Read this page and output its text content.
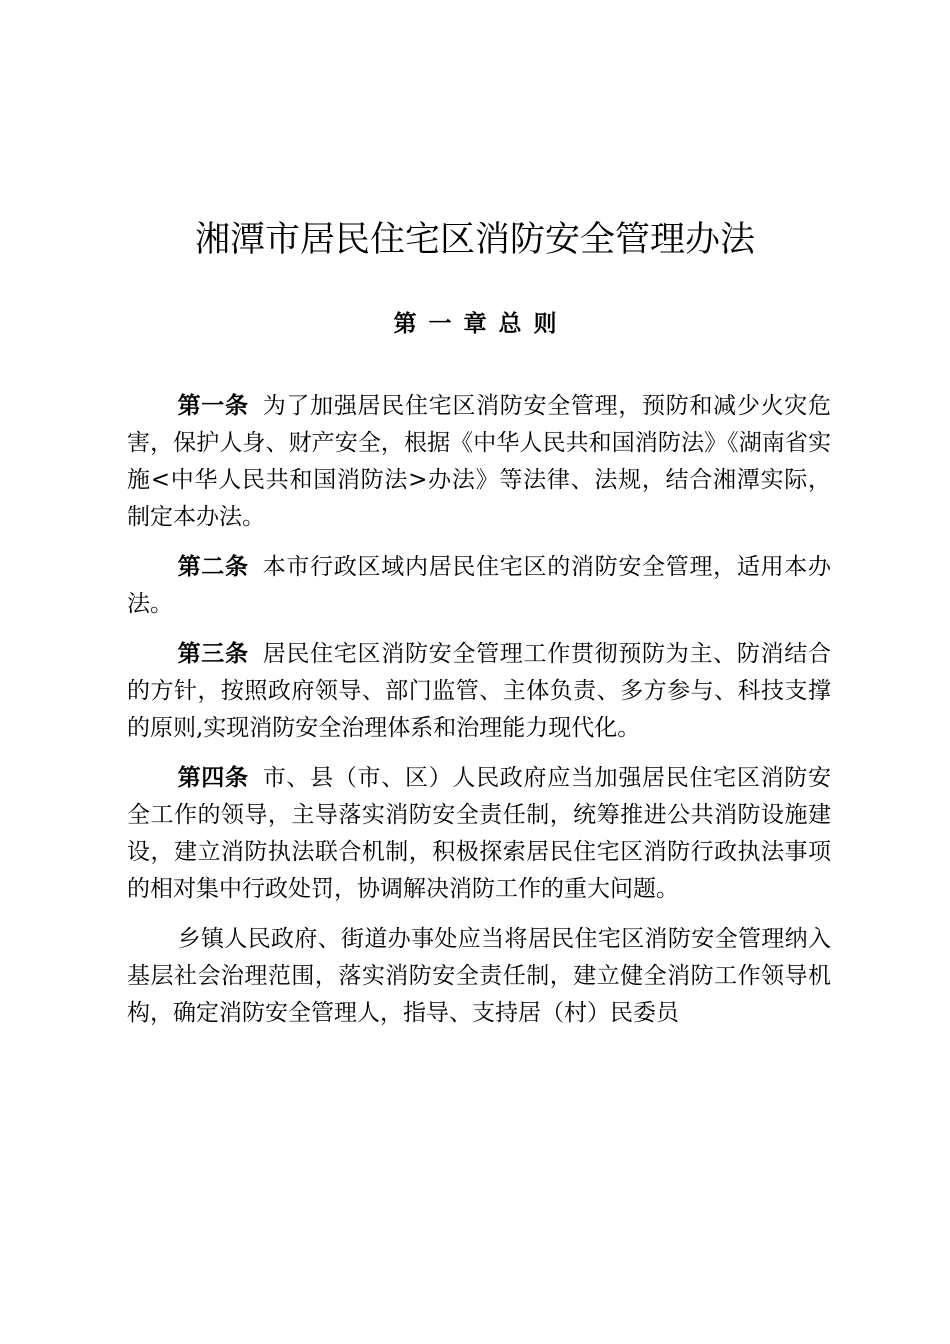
湘潭市居民住宅区消防安全管理办法
第 一 章 总 则

第一条 为了加强居民住宅区消防安全管理，预防和减少火灾危害，保护人身、财产安全，根据《中华人民共和国消防法》《湖南省实施<中华人民共和国消防法>办法》等法律、法规，结合湘潭实际，制定本办法。

第二条 本市行政区域内居民住宅区的消防安全管理，适用本办法。

第三条 居民住宅区消防安全管理工作贯彻预防为主、防消结合的方针，按照政府领导、部门监管、主体负责、多方参与、科技支撑的原则,实现消防安全治理体系和治理能力现代化。

第四条 市、县（市、区）人民政府应当加强居民住宅区消防安全工作的领导，主导落实消防安全责任制，统筹推进公共消防设施建设，建立消防执法联合机制，积极探索居民住宅区消防行政执法事项的相对集中行政处罚，协调解决消防工作的重大问题。

乡镇人民政府、街道办事处应当将居民住宅区消防安全管理纳入基层社会治理范围，落实消防安全责任制，建立健全消防工作领导机构，确定消防安全管理人，指导、支持居（村）民委员
